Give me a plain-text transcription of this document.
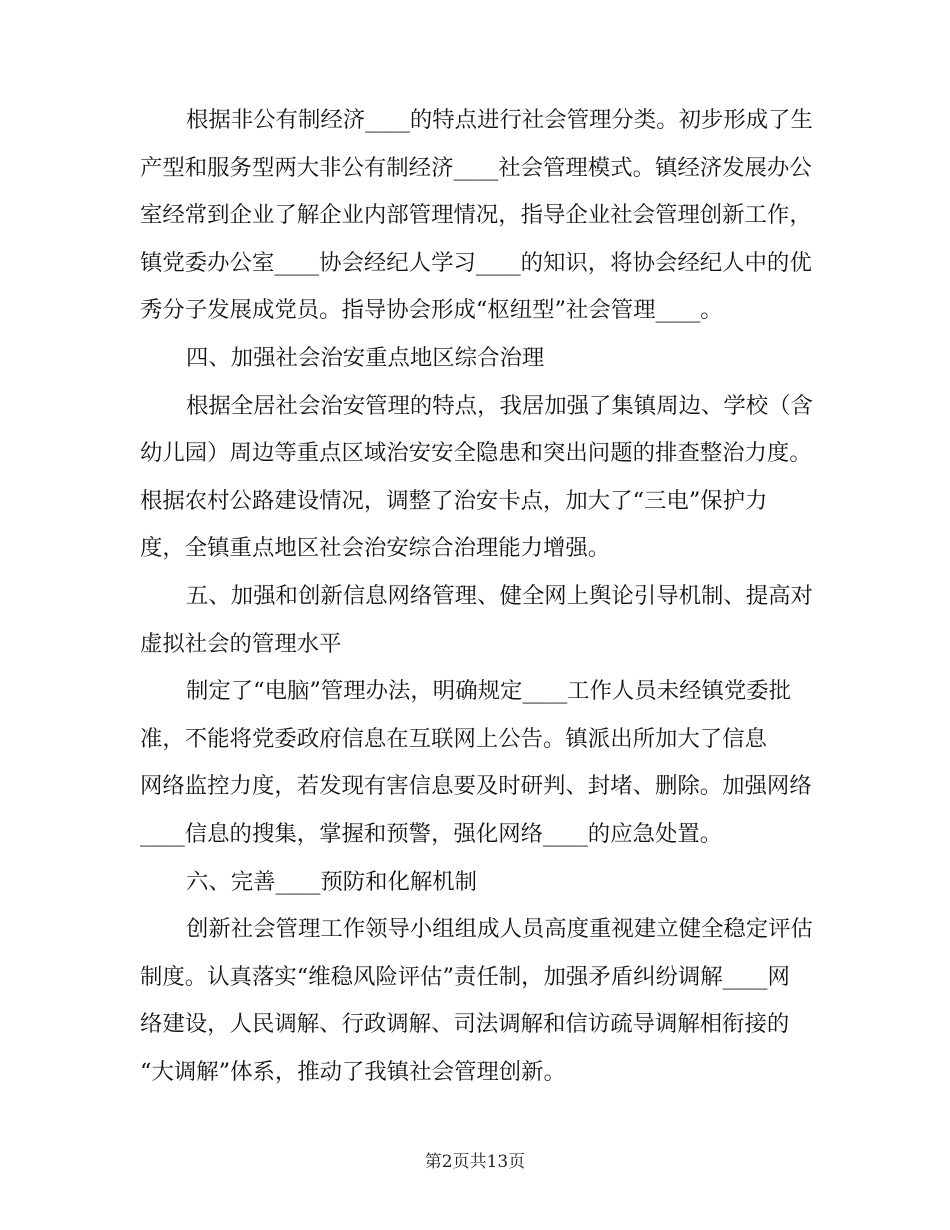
根据非公有制经济____的特点进行社会管理分类。初步形成了生
产型和服务型两大非公有制经济____社会管理模式。镇经济发展办公
室经常到企业了解企业内部管理情况，指导企业社会管理创新工作，
镇党委办公室____协会经纪人学习____的知识，将协会经纪人中的优
秀分子发展成党员。指导协会形成“枢纽型”社会管理____。
四、加强社会治安重点地区综合治理
根据全居社会治安管理的特点，我居加强了集镇周边、学校（含
幼儿园）周边等重点区域治安安全隐患和突出问题的排查整治力度。
根据农村公路建设情况，调整了治安卡点，加大了“三电”保护力
度，全镇重点地区社会治安综合治理能力增强。
五、加强和创新信息网络管理、健全网上舆论引导机制、提高对
虚拟社会的管理水平
制定了“电脑”管理办法，明确规定____工作人员未经镇党委批
准，不能将党委政府信息在互联网上公告。镇派出所加大了信息
网络监控力度，若发现有害信息要及时研判、封堵、删除。加强网络
____信息的搜集，掌握和预警，强化网络____的应急处置。
六、完善____预防和化解机制
创新社会管理工作领导小组组成人员高度重视建立健全稳定评估
制度。认真落实“维稳风险评估”责任制，加强矛盾纠纷调解____网
络建设，人民调解、行政调解、司法调解和信访疏导调解相衔接的
“大调解”体系，推动了我镇社会管理创新。
第2页共13页
